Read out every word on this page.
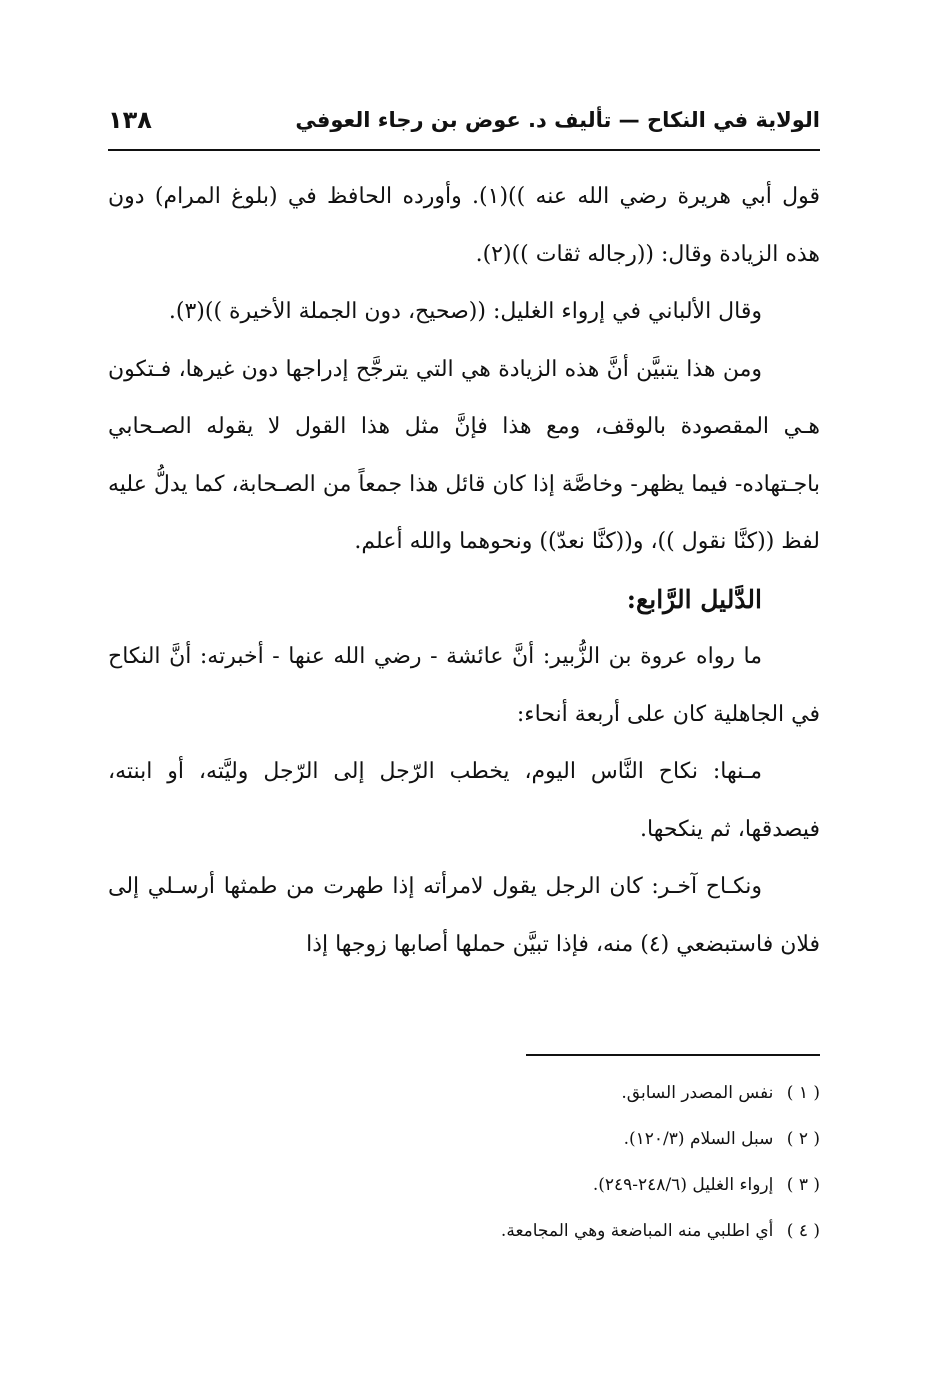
الولاية في النكاح — تأليف د. عوض بن رجاء العوفي
١٣٨

قول أبي هريرة رضي الله عنه ))(١). وأورده الحافظ في (بلوغ المرام) دون هذه الزيادة وقال: ((رجاله ثقات ))(٢).

وقال الألباني في إرواء الغليل: ((صحيح، دون الجملة الأخيرة ))(٣).

ومن هذا يتبيَّن أنَّ هذه الزيادة هي التي يترجَّح إدراجها دون غيرها، فـتكون هـي المقصودة بالوقف، ومع هذا فإنَّ مثل هذا القول لا يقوله الصـحابي باجـتهاده- فيما يظهر- وخاصَّة إذا كان قائل هذا جمعاً من الصـحابة، كما يدلُّ عليه لفظ ((كنَّا نقول ))، و((كنَّا نعدّ)) ونحوهما والله أعلم.

الدَّليل الرَّابع:

ما رواه عروة بن الزُّبير: أنَّ عائشة - رضي الله عنها - أخبرته: أنَّ النكاح في الجاهلية كان على أربعة أنحاء:

مـنها: نكاح النَّاس اليوم، يخطب الرّجل إلى الرّجل وليَّته، أو ابنته، فيصدقها، ثم ينكحها.

ونكـاح آخـر: كان الرجل يقول لامرأته إذا طهرت من طمثها أرسـلي إلى فلان فاستبضعي (٤) منه، فإذا تبيَّن حملها أصابها زوجها إذا

( ١ ) نفس المصدر السابق.

( ٢ ) سبل السلام (١٢٠/٣).

( ٣ ) إرواء الغليل (٢٤٨/٦-٢٤٩).

( ٤ ) أي اطلبي منه المباضعة وهي المجامعة.
